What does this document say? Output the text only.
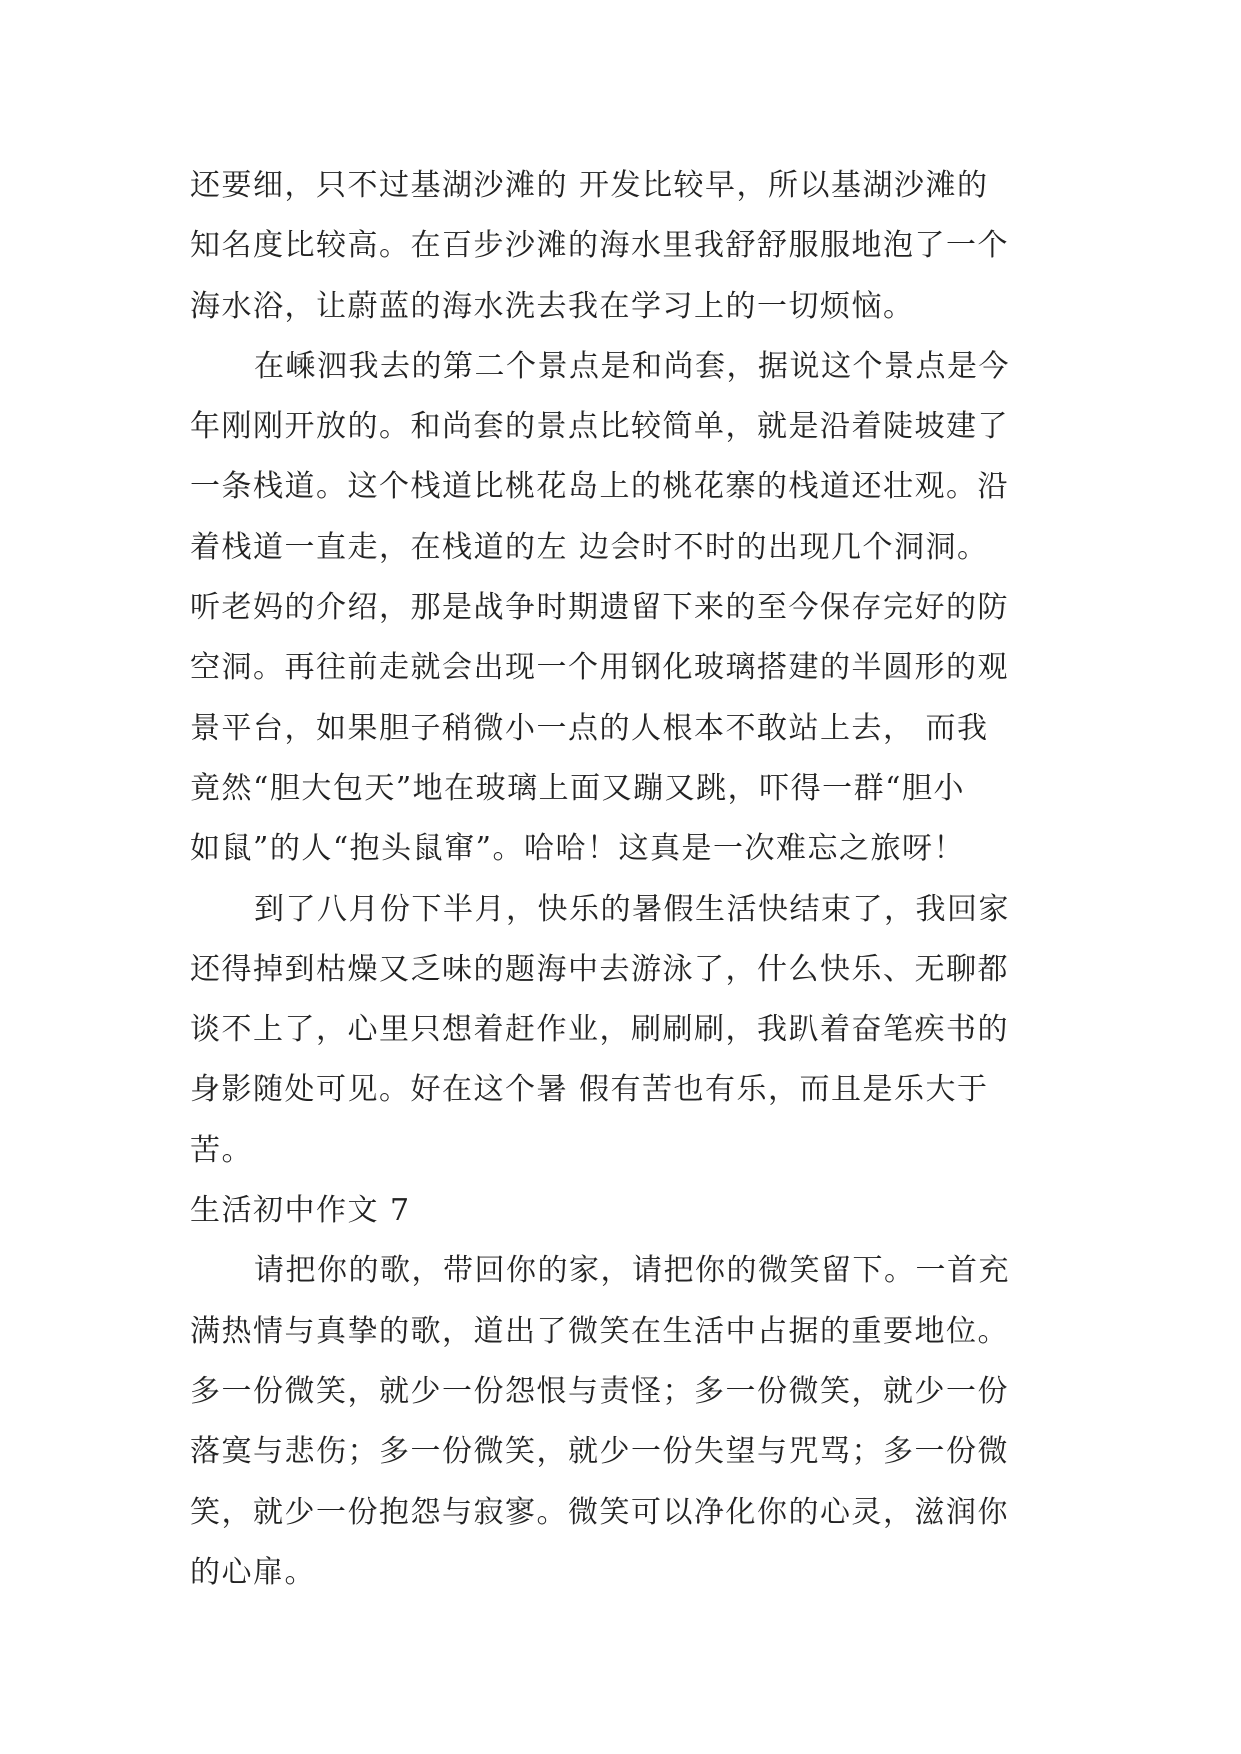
还要细，只不过基湖沙滩的 开发比较早，所以基湖沙滩的
知名度比较高。在百步沙滩的海水里我舒舒服服地泡了一个
海水浴，让蔚蓝的海水洗去我在学习上的一切烦恼。

在嵊泗我去的第二个景点是和尚套，据说这个景点是今
年刚刚开放的。和尚套的景点比较简单，就是沿着陡坡建了
一条栈道。这个栈道比桃花岛上的桃花寨的栈道还壮观。沿
着栈道一直走，在栈道的左 边会时不时的出现几个洞洞。
听老妈的介绍，那是战争时期遗留下来的至今保存完好的防
空洞。再往前走就会出现一个用钢化玻璃搭建的半圆形的观
景平台，如果胆子稍微小一点的人根本不敢站上去， 而我
竟然“胆大包天”地在玻璃上面又蹦又跳，吓得一群“胆小
如鼠”的人“抱头鼠窜”。哈哈！这真是一次难忘之旅呀！

到了八月份下半月，快乐的暑假生活快结束了，我回家
还得掉到枯燥又乏味的题海中去游泳了，什么快乐、无聊都
谈不上了，心里只想着赶作业，刷刷刷，我趴着奋笔疾书的
身影随处可见。好在这个暑 假有苦也有乐，而且是乐大于
苦。

生活初中作文 7

请把你的歌，带回你的家，请把你的微笑留下。一首充
满热情与真挚的歌，道出了微笑在生活中占据的重要地位。
多一份微笑，就少一份怨恨与责怪；多一份微笑，就少一份
落寞与悲伤；多一份微笑，就少一份失望与咒骂；多一份微
笑，就少一份抱怨与寂寥。微笑可以净化你的心灵，滋润你
的心扉。
